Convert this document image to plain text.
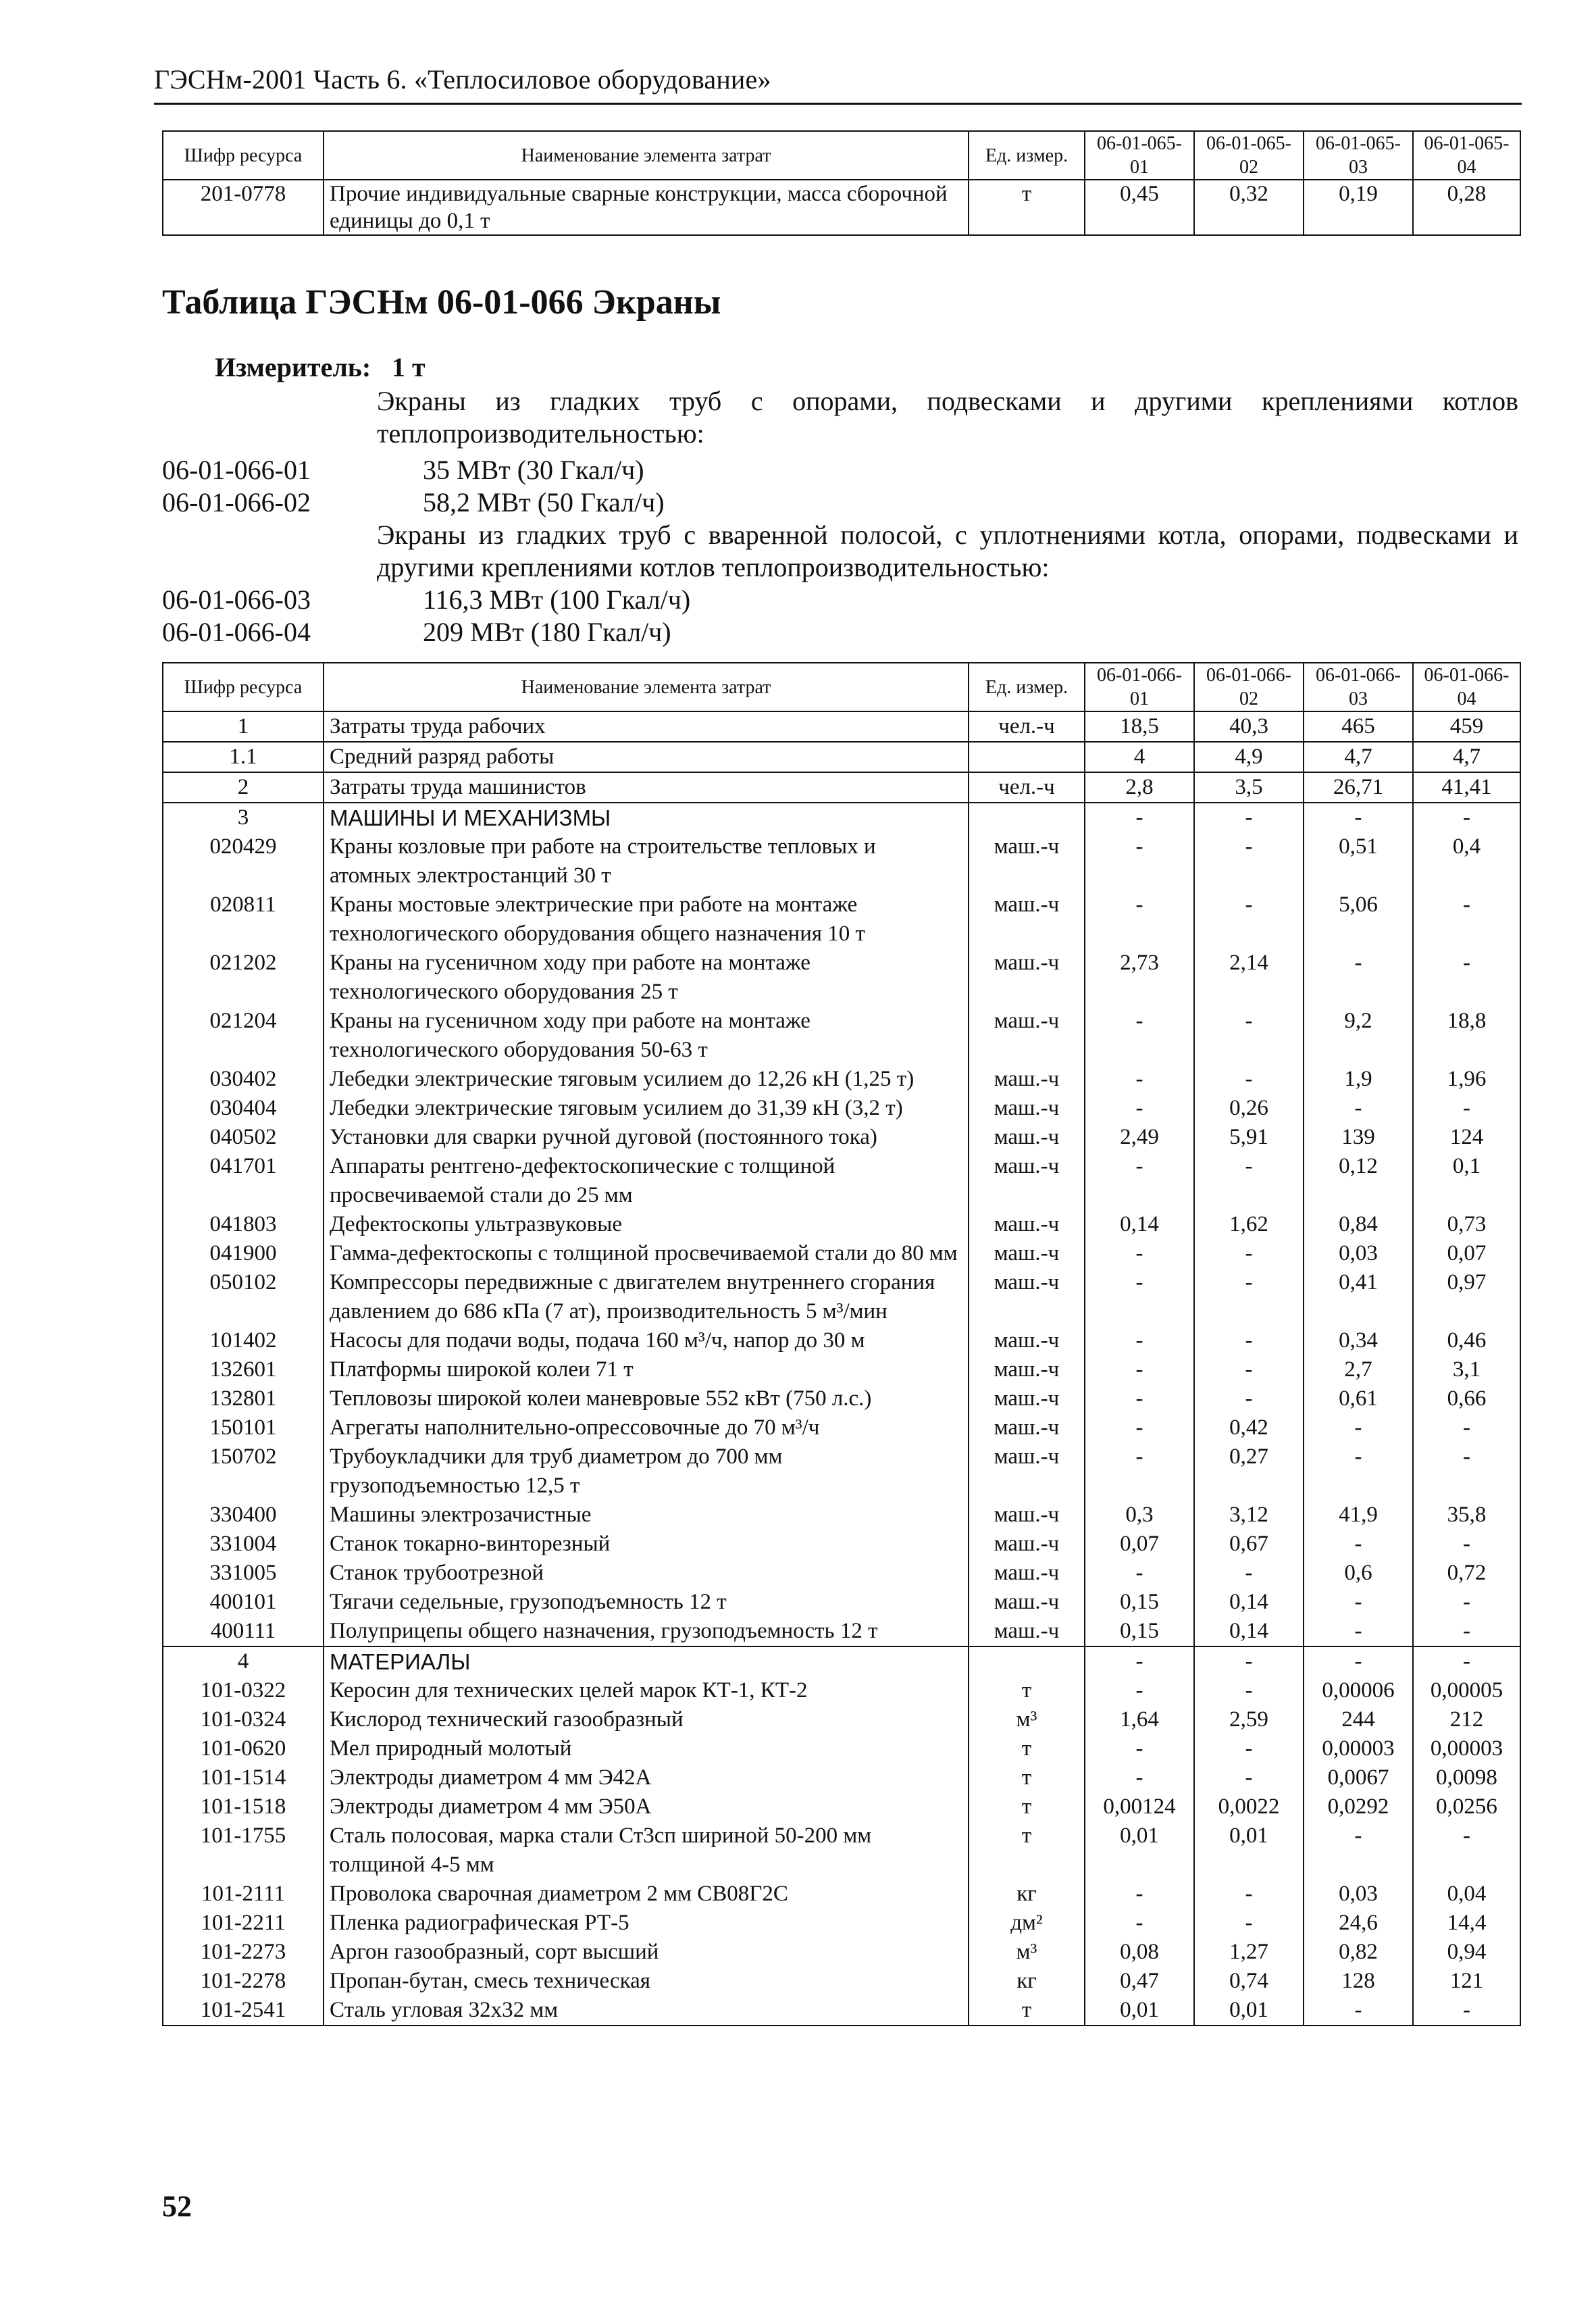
ГЭСНм-2001 Часть 6. «Теплосиловое оборудование»
Шифр ресурса	Наименование элемента затрат	Ед. измер.	06-01-065-01	06-01-065-02	06-01-065-03	06-01-065-04
201-0778	Прочие индивидуальные сварные конструкции, масса сборочной единицы до 0,1 т	т	0,45	0,32	0,19	0,28
Таблица ГЭСНм 06-01-066 Экраны
Измеритель: 1 т
Экраны из гладких труб с опорами, подвесками и другими креплениями котлов теплопроизводительностью:
06-01-066-01	35 МВт (30 Гкал/ч)
06-01-066-02	58,2 МВт (50 Гкал/ч)
Экраны из гладких труб с вваренной полосой, с уплотнениями котла, опорами, подвесками и другими креплениями котлов теплопроизводительностью:
06-01-066-03	116,3 МВт (100 Гкал/ч)
06-01-066-04	209 МВт (180 Гкал/ч)
Шифр ресурса	Наименование элемента затрат	Ед. измер.	06-01-066-01	06-01-066-02	06-01-066-03	06-01-066-04
1	Затраты труда рабочих	чел.-ч	18,5	40,3	465	459
1.1	Средний разряд работы		4	4,9	4,7	4,7
2	Затраты труда машинистов	чел.-ч	2,8	3,5	26,71	41,41
3	МАШИНЫ И МЕХАНИЗМЫ		-	-	-	-
020429	Краны козловые при работе на строительстве тепловых и атомных электростанций 30 т	маш.-ч	-	-	0,51	0,4
020811	Краны мостовые электрические при работе на монтаже технологического оборудования общего назначения 10 т	маш.-ч	-	-	5,06	-
021202	Краны на гусеничном ходу при работе на монтаже технологического оборудования 25 т	маш.-ч	2,73	2,14	-	-
021204	Краны на гусеничном ходу при работе на монтаже технологического оборудования 50-63 т	маш.-ч	-	-	9,2	18,8
030402	Лебедки электрические тяговым усилием до 12,26 кН (1,25 т)	маш.-ч	-	-	1,9	1,96
030404	Лебедки электрические тяговым усилием до 31,39 кН (3,2 т)	маш.-ч	-	0,26	-	-
040502	Установки для сварки ручной дуговой (постоянного тока)	маш.-ч	2,49	5,91	139	124
041701	Аппараты рентгено-дефектоскопические с толщиной просвечиваемой стали до 25 мм	маш.-ч	-	-	0,12	0,1
041803	Дефектоскопы ультразвуковые	маш.-ч	0,14	1,62	0,84	0,73
041900	Гамма-дефектоскопы с толщиной просвечиваемой стали до 80 мм	маш.-ч	-	-	0,03	0,07
050102	Компрессоры передвижные с двигателем внутреннего сгорания давлением до 686 кПа (7 ат), производительность 5 м³/мин	маш.-ч	-	-	0,41	0,97
101402	Насосы для подачи воды, подача 160 м³/ч, напор до 30 м	маш.-ч	-	-	0,34	0,46
132601	Платформы широкой колеи 71 т	маш.-ч	-	-	2,7	3,1
132801	Тепловозы широкой колеи маневровые 552 кВт (750 л.с.)	маш.-ч	-	-	0,61	0,66
150101	Агрегаты наполнительно-опрессовочные до 70 м³/ч	маш.-ч	-	0,42	-	-
150702	Трубоукладчики для труб диаметром до 700 мм грузоподъемностью 12,5 т	маш.-ч	-	0,27	-	-
330400	Машины электрозачистные	маш.-ч	0,3	3,12	41,9	35,8
331004	Станок токарно-винторезный	маш.-ч	0,07	0,67	-	-
331005	Станок трубоотрезной	маш.-ч	-	-	0,6	0,72
400101	Тягачи седельные, грузоподъемность 12 т	маш.-ч	0,15	0,14	-	-
400111	Полуприцепы общего назначения, грузоподъемность 12 т	маш.-ч	0,15	0,14	-	-
4	МАТЕРИАЛЫ		-	-	-	-
101-0322	Керосин для технических целей марок КТ-1, КТ-2	т	-	-	0,00006	0,00005
101-0324	Кислород технический газообразный	м³	1,64	2,59	244	212
101-0620	Мел природный молотый	т	-	-	0,00003	0,00003
101-1514	Электроды диаметром 4 мм Э42А	т	-	-	0,0067	0,0098
101-1518	Электроды диаметром 4 мм Э50А	т	0,00124	0,0022	0,0292	0,0256
101-1755	Сталь полосовая, марка стали Ст3сп шириной 50-200 мм толщиной 4-5 мм	т	0,01	0,01	-	-
101-2111	Проволока сварочная диаметром 2 мм СВ08Г2С	кг	-	-	0,03	0,04
101-2211	Пленка радиографическая РТ-5	дм²	-	-	24,6	14,4
101-2273	Аргон газообразный, сорт высший	м³	0,08	1,27	0,82	0,94
101-2278	Пропан-бутан, смесь техническая	кг	0,47	0,74	128	121
101-2541	Сталь угловая 32х32 мм	т	0,01	0,01	-	-
52
